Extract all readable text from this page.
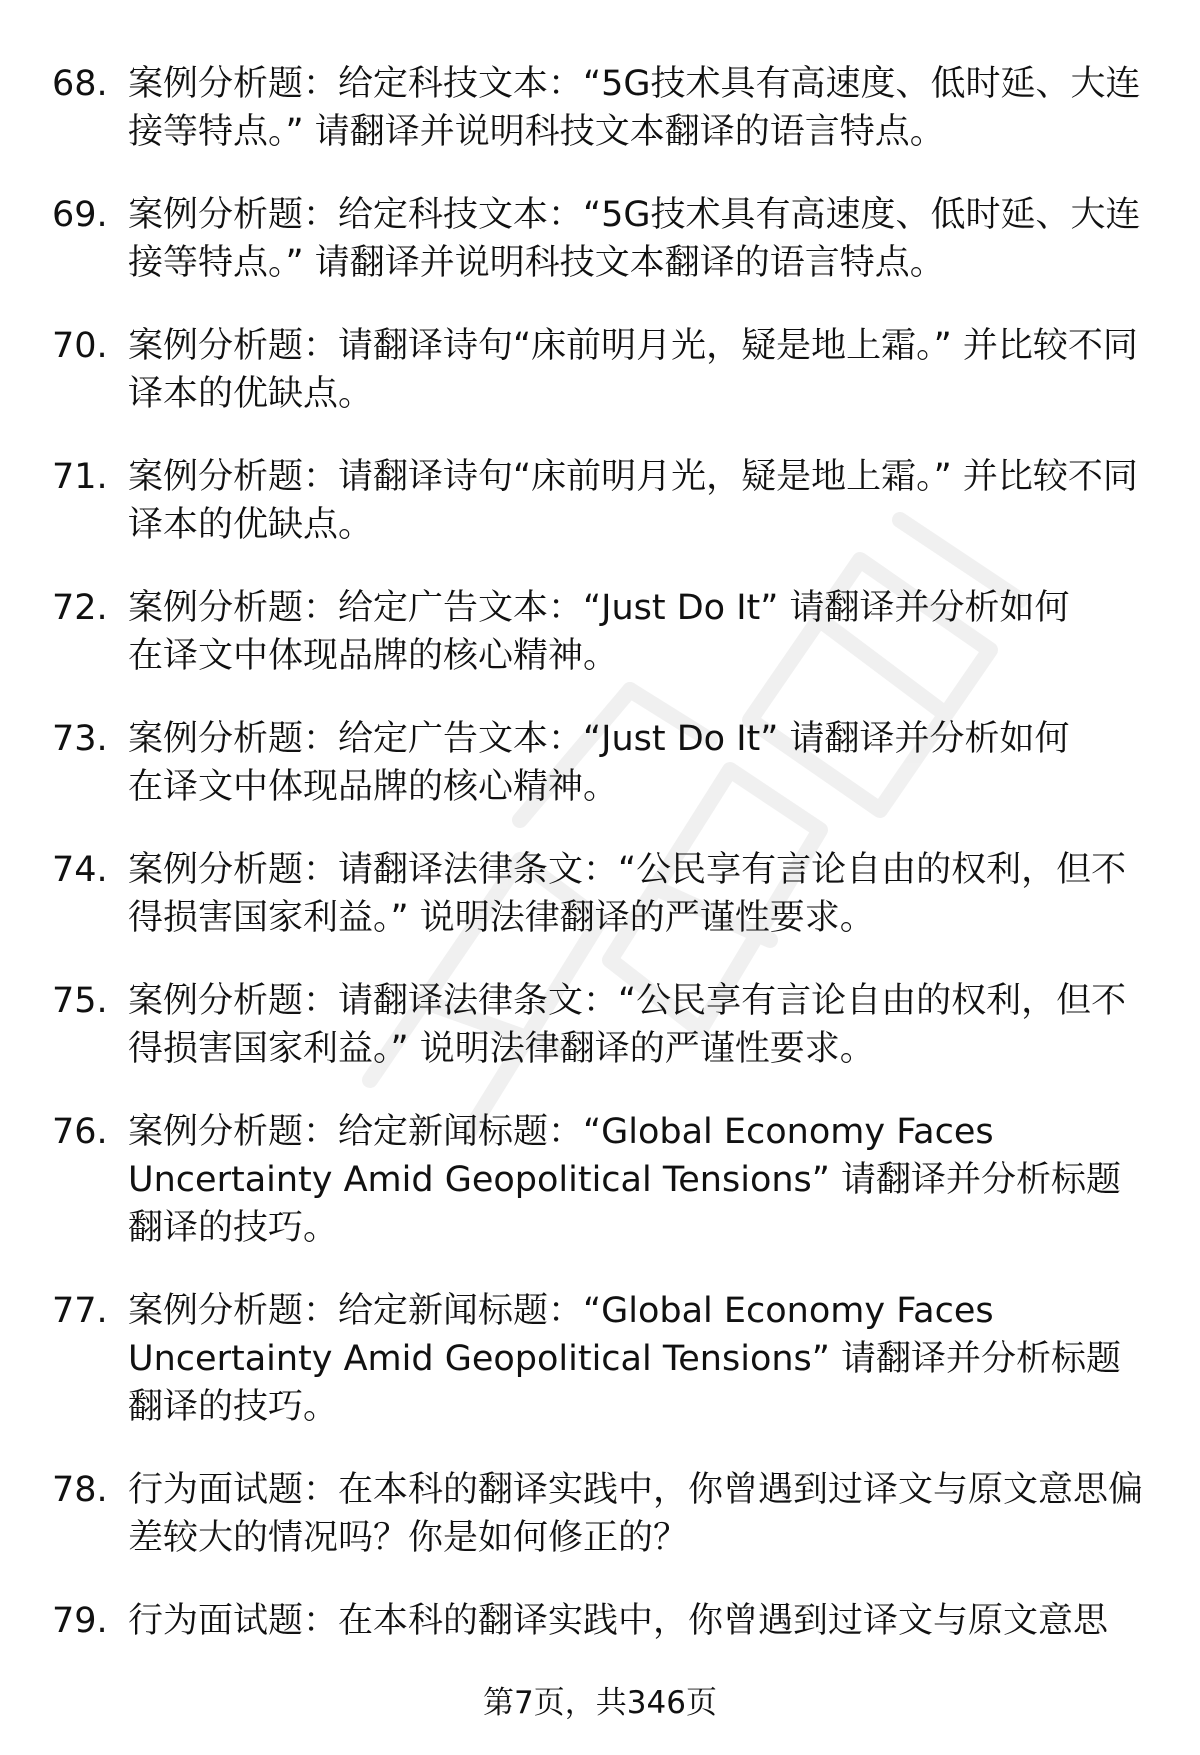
68. 案例分析题：给定科技文本：“5G技术具有高速度、低时延、大连接等特点。” 请翻译并说明科技文本翻译的语言特点。
69. 案例分析题：给定科技文本：“5G技术具有高速度、低时延、大连接等特点。” 请翻译并说明科技文本翻译的语言特点。
70. 案例分析题：请翻译诗句“床前明月光，疑是地上霜。” 并比较不同译本的优缺点。
71. 案例分析题：请翻译诗句“床前明月光，疑是地上霜。” 并比较不同译本的优缺点。
72. 案例分析题：给定广告文本：“Just Do It” 请翻译并分析如何
在译文中体现品牌的核心精神。
73. 案例分析题：给定广告文本：“Just Do It” 请翻译并分析如何
在译文中体现品牌的核心精神。
74. 案例分析题：请翻译法律条文：“公民享有言论自由的权利，但不得损害国家利益。” 说明法律翻译的严谨性要求。
75. 案例分析题：请翻译法律条文：“公民享有言论自由的权利，但不得损害国家利益。” 说明法律翻译的严谨性要求。
76. 案例分析题：给定新闻标题：“Global Economy Faces
Uncertainty Amid Geopolitical Tensions” 请翻译并分析标题
翻译的技巧。
77. 案例分析题：给定新闻标题：“Global Economy Faces
Uncertainty Amid Geopolitical Tensions” 请翻译并分析标题
翻译的技巧。
78. 行为面试题：在本科的翻译实践中，你曾遇到过译文与原文意思偏差较大的情况吗？你是如何修正的？
79. 行为面试题：在本科的翻译实践中，你曾遇到过译文与原文意思
第7页，共346页
